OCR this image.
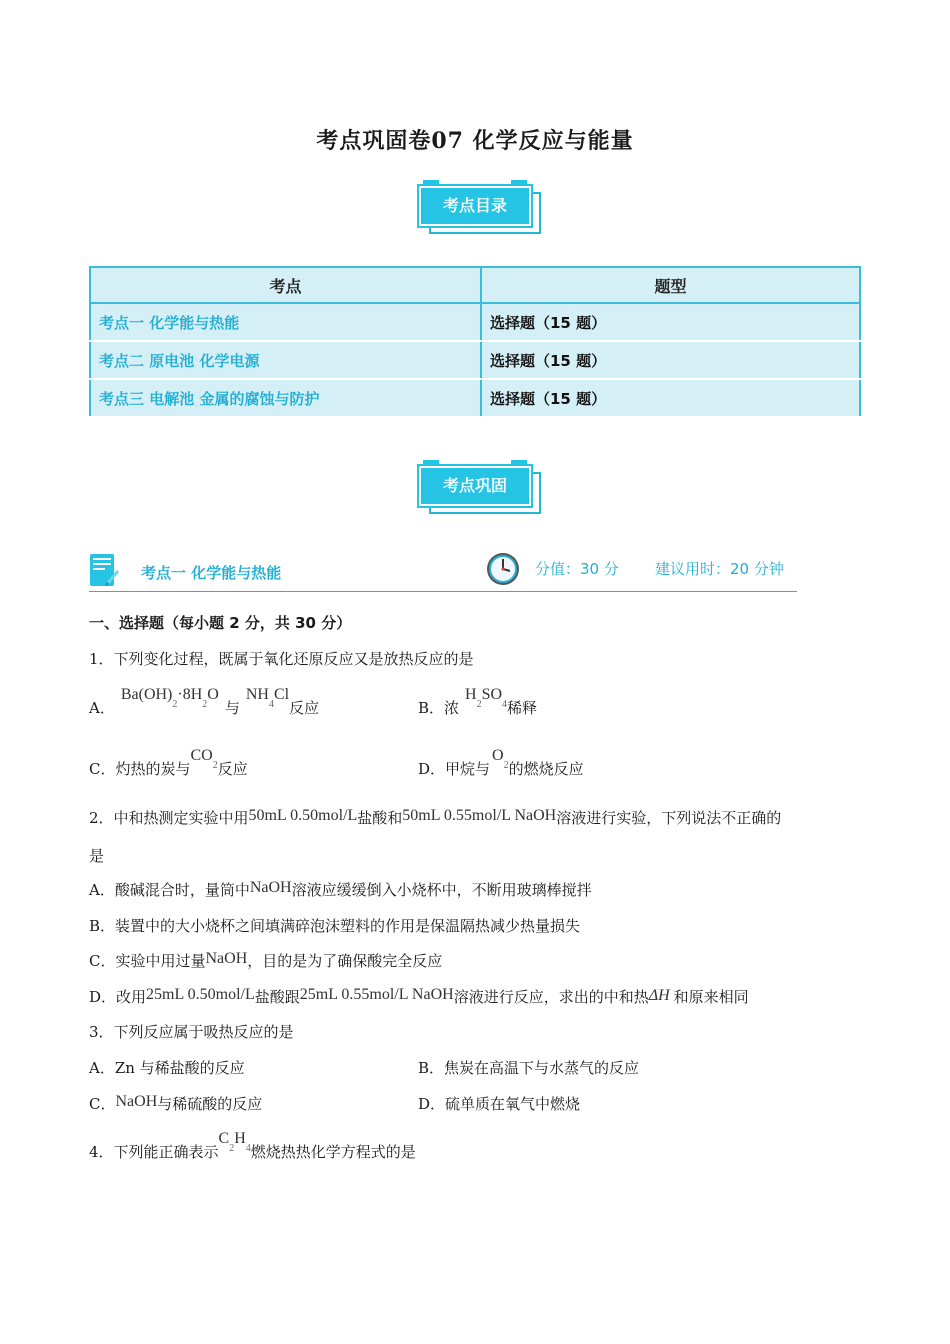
考点巩固卷07 化学反应与能量
考点目录
考点	题型
考点一 化学能与热能	选择题（15 题）
考点二 原电池 化学电源	选择题（15 题）
考点三 电解池 金属的腐蚀与防护	选择题（15 题）
考点巩固
考点一 化学能与热能	分值：30 分 建议用时：20 分钟
一、选择题（每小题 2 分，共 30 分）
1．下列变化过程，既属于氧化还原反应又是放热反应的是
A．$Ba(OH)_2\cdot 8H_2O$与$NH_4Cl$反应	B．浓$H_2SO_4$稀释
C．灼热的炭与$CO_2$反应	D．甲烷与$O_2$的燃烧反应
2．中和热测定实验中用50mL 0.50mol/L盐酸和50mL 0.55mol/L NaOH溶液进行实验，下列说法不正确的
是
A．酸碱混合时，量筒中NaOH溶液应缓缓倒入小烧杯中，不断用玻璃棒搅拌
B．装置中的大小烧杯之间填满碎泡沫塑料的作用是保温隔热减少热量损失
C．实验中用过量NaOH，目的是为了确保酸完全反应
D．改用25mL 0.50mol/L盐酸跟25mL 0.55mol/L NaOH溶液进行反应，求出的中和热ΔH 和原来相同
3．下列反应属于吸热反应的是
A．Zn 与稀盐酸的反应	B．焦炭在高温下与水蒸气的反应
C．NaOH与稀硫酸的反应	D．硫单质在氧气中燃烧
4．下列能正确表示$C_2H_4$燃烧热热化学方程式的是
